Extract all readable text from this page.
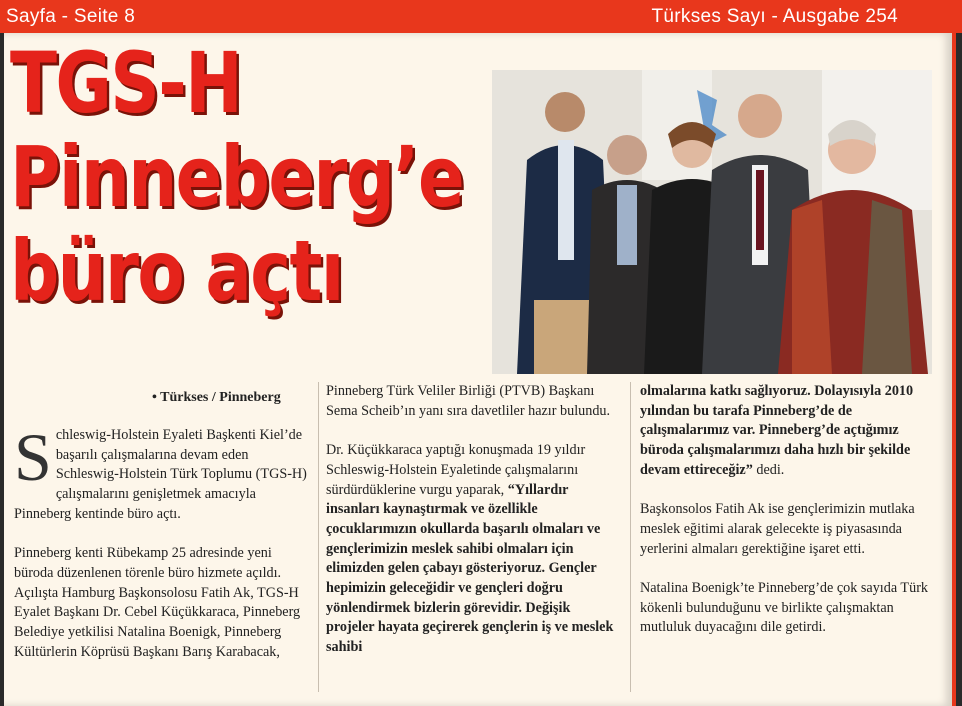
Sayfa - Seite 8	Türkses Sayı - Ausgabe 254
TGS-H
Pinneberg’e
büro açtı
• Türkses / Pinneberg

Schleswig-Holstein Eyaleti Başkenti Kiel’de başarılı çalışmalarına devam eden Schleswig-Holstein Türk Toplumu (TGS-H) çalışmalarını genişletmek amacıyla Pinneberg kentinde büro açtı.

Pinneberg kenti Rübekamp 25 adresinde yeni büroda düzenlenen törenle büro hizmete açıldı. Açılışta Hamburg Başkonsolosu Fatih Ak, TGS-H Eyalet Başkanı Dr. Cebel Küçükkaracа, Pinneberg Belediye yetkilisi Natalina Boenigk, Pinneberg Kültürlerin Köprüsü Başkanı Barış Karabacak,

Pinneberg Türk Veliler Birliği (PTVB) Başkanı Sema Scheib’ın yanı sıra davetliler hazır bulundu.

Dr. Küçükkaracа yaptığı konuşmada 19 yıldır Schleswig-Holstein Eyaletinde çalışmalarını sürdürdüklerine vurgu yaparak, “Yıllardır insanları kaynaştırmak ve özellikle çocuklarımızın okullarda başarılı olmaları ve gençlerimizin meslek sahibi olmaları için elimizden gelen çabayı gösteriyoruz. Gençler hepimizin geleceğidir ve gençleri doğru yönlendirmek bizlerin görevidir. Değişik projeler hayata geçirerek gençlerin iş ve meslek sahibi

olmalarına katkı sağlıyoruz. Dolayısıyla 2010 yılından bu tarafa Pinneberg’de de çalışmalarımız var. Pinneberg’de açtığımız büroda çalışmalarımızı daha hızlı bir şekilde devam ettireceğiz” dedi.

Başkonsolos Fatih Ak ise gençlerimizin mutlaka meslek eğitimi alarak gelecekte iş piyasasında yerlerini almaları gerektiğine işaret etti.

Natalina Boenigk’te Pinneberg’de çok sayıda Türk kökenli bulunduğunu ve birlikte çalışmaktan mutluluk duyacağını dile getirdi.
